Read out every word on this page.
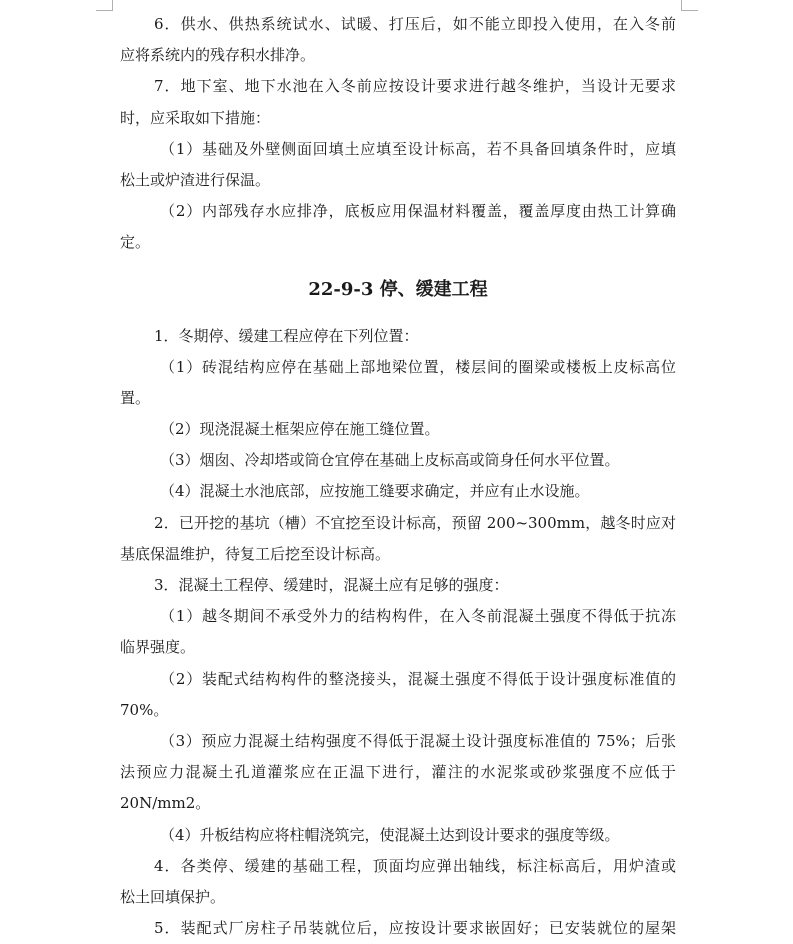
6．供水、供热系统试水、试暖、打压后，如不能立即投入使用，在入冬前
应将系统内的残存积水排净。
7．地下室、地下水池在入冬前应按设计要求进行越冬维护，当设计无要求
时，应采取如下措施：
（1）基础及外壁侧面回填土应填至设计标高，若不具备回填条件时，应填
松土或炉渣进行保温。
（2）内部残存水应排净，底板应用保温材料覆盖，覆盖厚度由热工计算确
定。
22-9-3 停、缓建工程
1．冬期停、缓建工程应停在下列位置：
（1）砖混结构应停在基础上部地梁位置，楼层间的圈梁或楼板上皮标高位
置。
（2）现浇混凝土框架应停在施工缝位置。
（3）烟囱、冷却塔或筒仓宜停在基础上皮标高或筒身任何水平位置。
（4）混凝土水池底部，应按施工缝要求确定，并应有止水设施。
2．已开挖的基坑（槽）不宜挖至设计标高，预留 200~300mm，越冬时应对
基底保温维护，待复工后挖至设计标高。
3．混凝土工程停、缓建时，混凝土应有足够的强度：
（1）越冬期间不承受外力的结构构件，在入冬前混凝土强度不得低于抗冻
临界强度。
（2）装配式结构构件的整浇接头，混凝土强度不得低于设计强度标准值的
70%。
（3）预应力混凝土结构强度不得低于混凝土设计强度标准值的 75%；后张
法预应力混凝土孔道灌浆应在正温下进行，灌注的水泥浆或砂浆强度不应低于
20N/mm2。
（4）升板结构应将柱帽浇筑完，使混凝土达到设计要求的强度等级。
4．各类停、缓建的基础工程，顶面均应弹出轴线，标注标高后，用炉渣或
松土回填保护。
5．装配式厂房柱子吊装就位后，应按设计要求嵌固好；已安装就位的屋架
